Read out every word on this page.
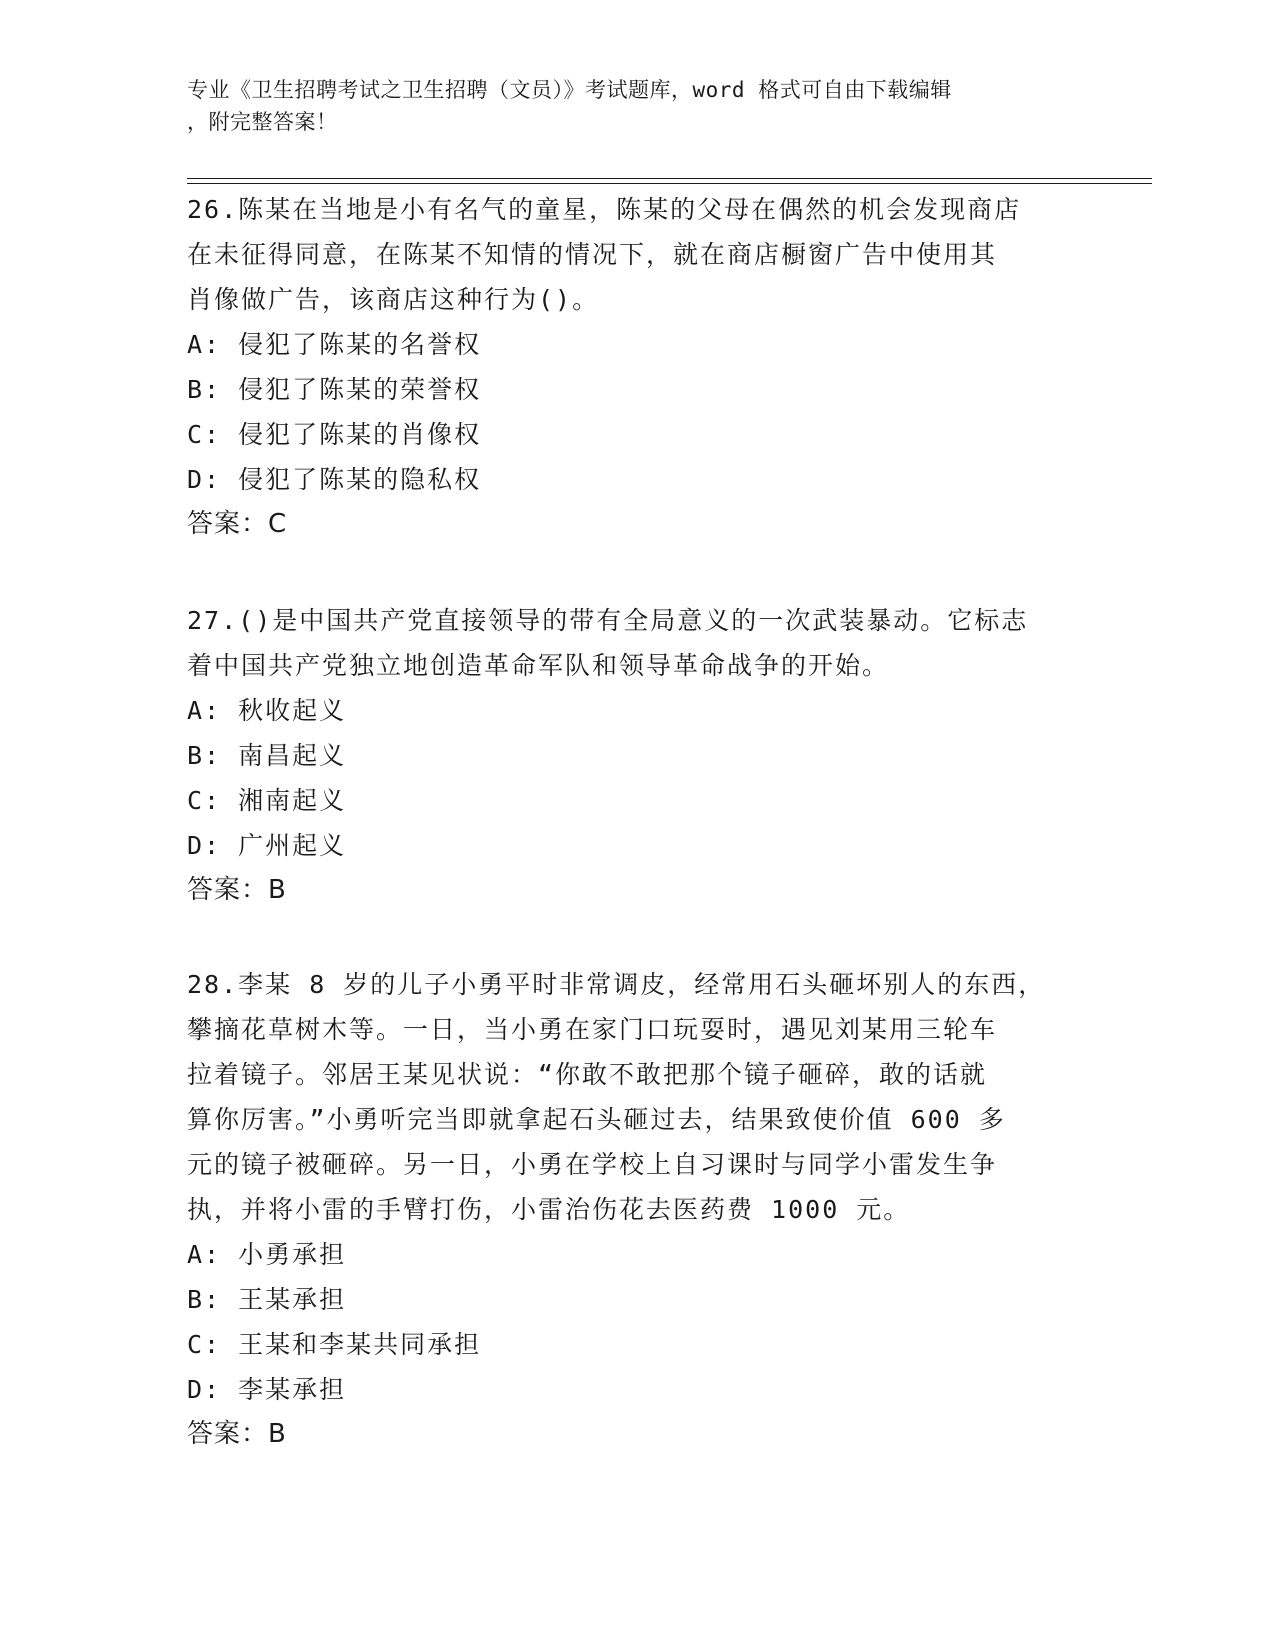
专业《卫生招聘考试之卫生招聘（文员）》考试题库，word 格式可自由下载编辑
，附完整答案！
26.陈某在当地是小有名气的童星，陈某的父母在偶然的机会发现商店
在未征得同意，在陈某不知情的情况下，就在商店橱窗广告中使用其
肖像做广告，该商店这种行为()。
A: 侵犯了陈某的名誉权
B: 侵犯了陈某的荣誉权
C: 侵犯了陈某的肖像权
D: 侵犯了陈某的隐私权
答案：C
27.()是中国共产党直接领导的带有全局意义的一次武装暴动。它标志
着中国共产党独立地创造革命军队和领导革命战争的开始。
A: 秋收起义
B: 南昌起义
C: 湘南起义
D: 广州起义
答案：B
28.李某 8 岁的儿子小勇平时非常调皮，经常用石头砸坏别人的东西，
攀摘花草树木等。一日，当小勇在家门口玩耍时，遇见刘某用三轮车
拉着镜子。邻居王某见状说：“你敢不敢把那个镜子砸碎，敢的话就
算你厉害。”小勇听完当即就拿起石头砸过去，结果致使价值 600 多
元的镜子被砸碎。另一日，小勇在学校上自习课时与同学小雷发生争
执，并将小雷的手臂打伤，小雷治伤花去医药费 1000 元。
A: 小勇承担
B: 王某承担
C: 王某和李某共同承担
D: 李某承担
答案：B
